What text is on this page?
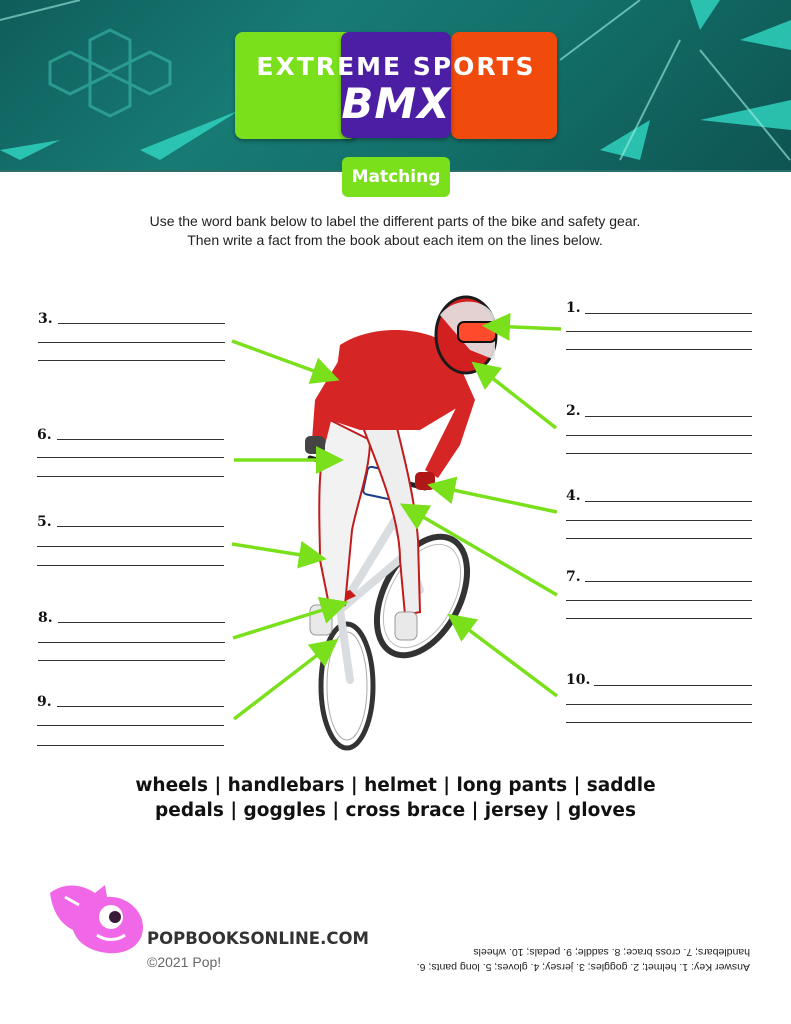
EXTREME SPORTS
BMX
Matching
Use the word bank below to label the different parts of the bike and safety gear. Then write a fact from the book about each item on the lines below.
3.
6.
5.
8.
9.
1.
2.
4.
7.
10.
wheels | handlebars | helmet | long pants | saddle
pedals | goggles | cross brace | jersey | gloves
POPBOOKSONLINE.COM
©2021 Pop!	Answer Key: 1. helmet; 2. goggles; 3. jersey; 4. gloves; 5. long pants; 6. handlebars; 7. cross brace; 8. saddle; 9. pedals; 10. wheels
